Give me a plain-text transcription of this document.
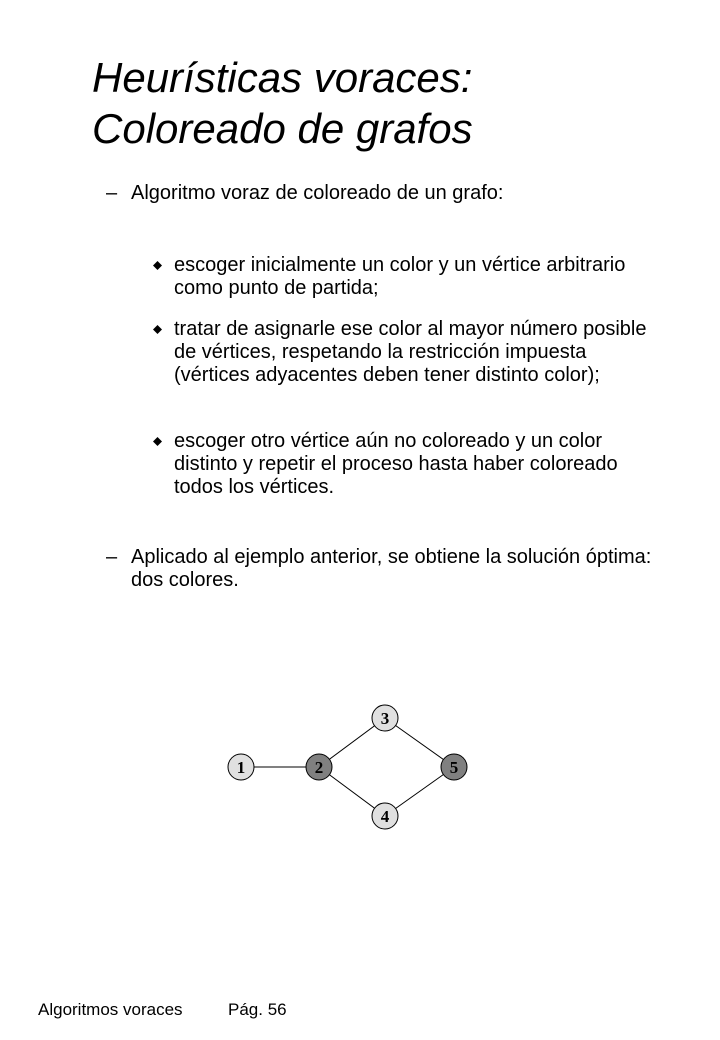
Heurísticas voraces:
Coloreado de grafos
– Algoritmo voraz de coloreado de un grafo:
escoger inicialmente un color y un vértice arbitrario como punto de partida;
tratar de asignarle ese color al mayor número posible de vértices, respetando la restricción impuesta (vértices adyacentes deben tener distinto color);
escoger otro vértice aún no coloreado y un color distinto y repetir el proceso hasta haber coloreado todos los vértices.
– Aplicado al ejemplo anterior, se obtiene la solución óptima: dos colores.
1	2
3
4
5
Algoritmos voraces	Pág. 56
